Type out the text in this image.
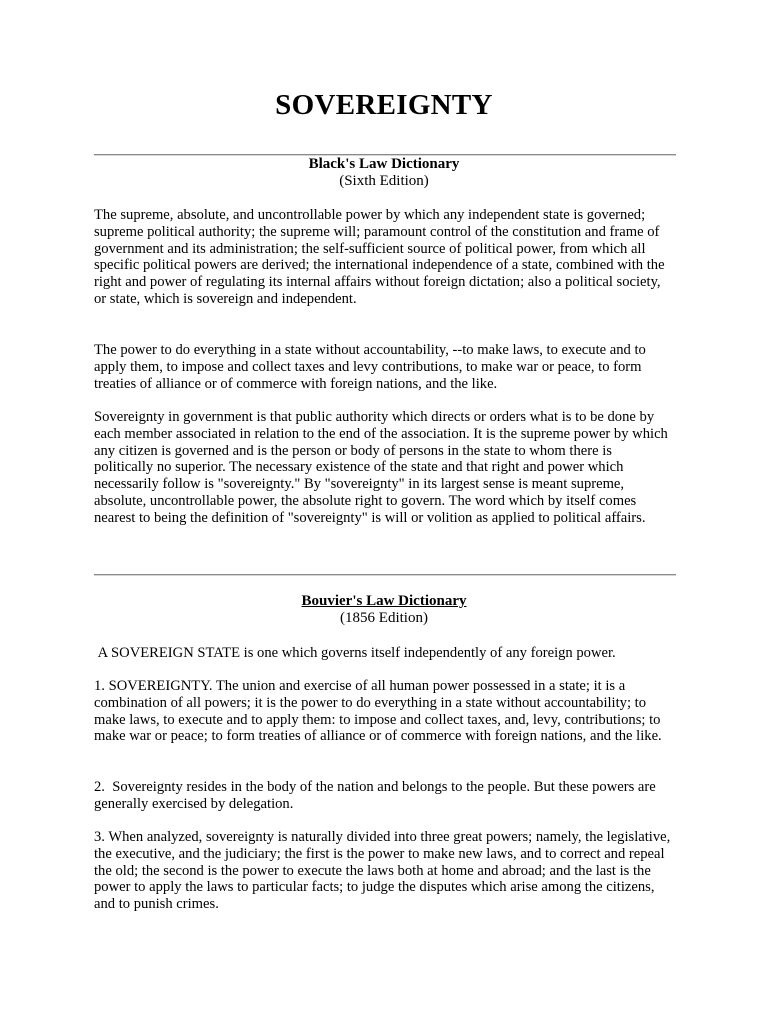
SOVEREIGNTY
Black's Law Dictionary
(Sixth Edition)

The supreme, absolute, and uncontrollable power by which any independent state is governed; supreme political authority; the supreme will; paramount control of the constitution and frame of government and its administration; the self-sufficient source of political power, from which all specific political powers are derived; the international independence of a state, combined with the right and power of regulating its internal affairs without foreign dictation; also a political society, or state, which is sovereign and independent.

The power to do everything in a state without accountability, --to make laws, to execute and to apply them, to impose and collect taxes and levy contributions, to make war or peace, to form treaties of alliance or of commerce with foreign nations, and the like.

Sovereignty in government is that public authority which directs or orders what is to be done by each member associated in relation to the end of the association. It is the supreme power by which any citizen is governed and is the person or body of persons in the state to whom there is politically no superior. The necessary existence of the state and that right and power which necessarily follow is "sovereignty." By "sovereignty" in its largest sense is meant supreme, absolute, uncontrollable power, the absolute right to govern. The word which by itself comes nearest to being the definition of "sovereignty" is will or volition as applied to political affairs.

Bouvier's Law Dictionary
(1856 Edition)

A SOVEREIGN STATE is one which governs itself independently of any foreign power.

1. SOVEREIGNTY. The union and exercise of all human power possessed in a state; it is a combination of all powers; it is the power to do everything in a state without accountability; to make laws, to execute and to apply them: to impose and collect taxes, and, levy, contributions; to make war or peace; to form treaties of alliance or of commerce with foreign nations, and the like.

2.  Sovereignty resides in the body of the nation and belongs to the people. But these powers are generally exercised by delegation.

3. When analyzed, sovereignty is naturally divided into three great powers; namely, the legislative, the executive, and the judiciary; the first is the power to make new laws, and to correct and repeal the old; the second is the power to execute the laws both at home and abroad; and the last is the power to apply the laws to particular facts; to judge the disputes which arise among the citizens, and to punish crimes.
